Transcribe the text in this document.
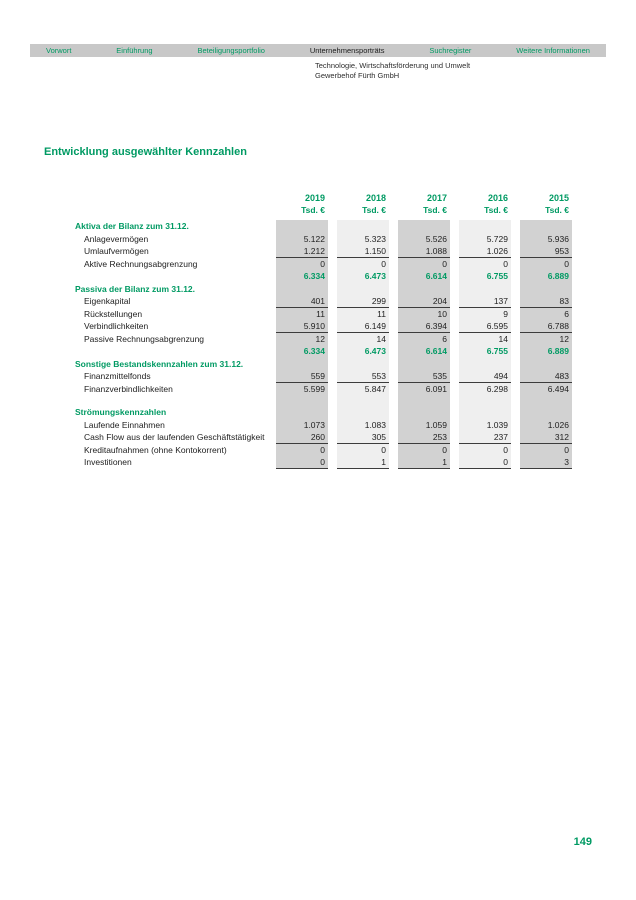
Vorwort	Einführung	Beteiligungsportfolio	Unternehmensporträts	Suchregister	Weitere Informationen
Technologie, Wirtschaftsförderung und Umwelt
Gewerbehof Fürth GmbH
Entwicklung ausgewählter Kennzahlen
2019	2018	2017	2016	2015
Tsd. €	Tsd. €	Tsd. €	Tsd. €	Tsd. €
Aktiva der Bilanz zum 31.12.
Anlagevermögen	5.122	5.323	5.526	5.729	5.936
Umlaufvermögen	1.212	1.150	1.088	1.026	953
Aktive Rechnungsabgrenzung	0	0	0	0	0
6.334	6.473	6.614	6.755	6.889
Passiva der Bilanz zum 31.12.
Eigenkapital	401	299	204	137	83
Rückstellungen	11	11	10	9	6
Verbindlichkeiten	5.910	6.149	6.394	6.595	6.788
Passive Rechnungsabgrenzung	12	14	6	14	12
6.334	6.473	6.614	6.755	6.889
Sonstige Bestandskennzahlen zum 31.12.
Finanzmittelfonds	559	553	535	494	483
Finanzverbindlichkeiten	5.599	5.847	6.091	6.298	6.494
Strömungskennzahlen
Laufende Einnahmen	1.073	1.083	1.059	1.039	1.026
Cash Flow aus der laufenden Geschäftstätigkeit	260	305	253	237	312
Kreditaufnahmen (ohne Kontokorrent)	0	0	0	0	0
Investitionen	0	1	1	0	3
149
